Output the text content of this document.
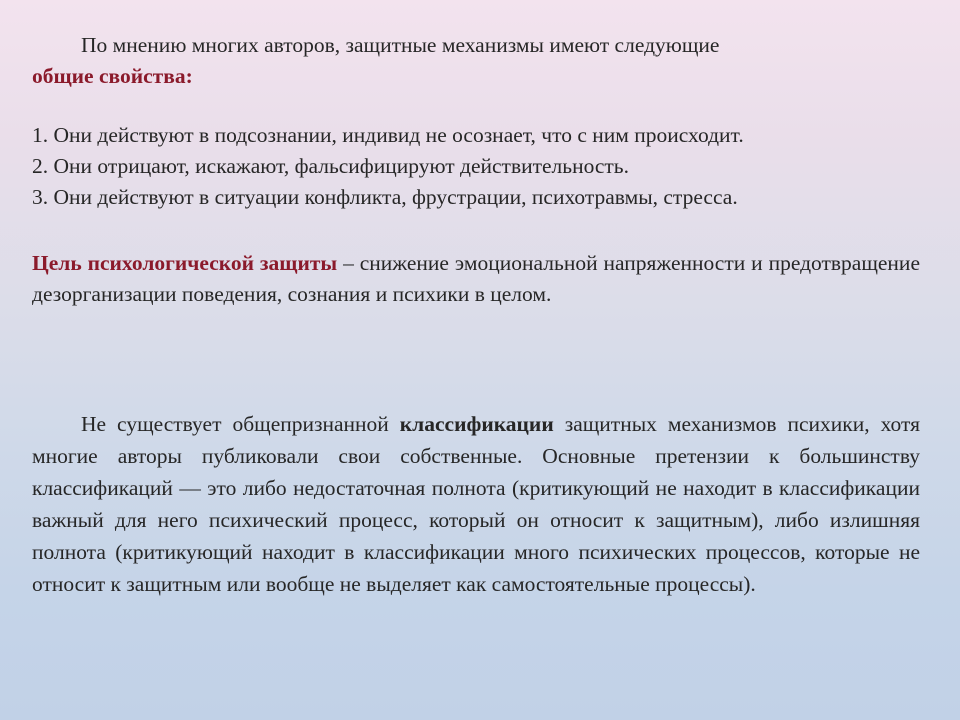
По мнению многих авторов, защитные механизмы имеют следующие
общие свойства:

1. Они действуют в подсознании, индивид не осознает, что с ним происходит.
2. Они отрицают, искажают, фальсифицируют действительность.
3. Они действуют в ситуации конфликта, фрустрации, психотравмы, стресса.

Цель психологической защиты – снижение эмоциональной напряженности и предотвращение дезорганизации поведения, сознания и психики в целом.

Не существует общепризнанной классификации защитных механизмов психики, хотя многие авторы публиковали свои собственные. Основные претензии к большинству классификаций — это либо недостаточная полнота (критикующий не находит в классификации важный для него психический процесс, который он относит к защитным), либо излишняя полнота (критикующий находит в классификации много психических процессов, которые не относит к защитным или вообще не выделяет как самостоятельные процессы).
